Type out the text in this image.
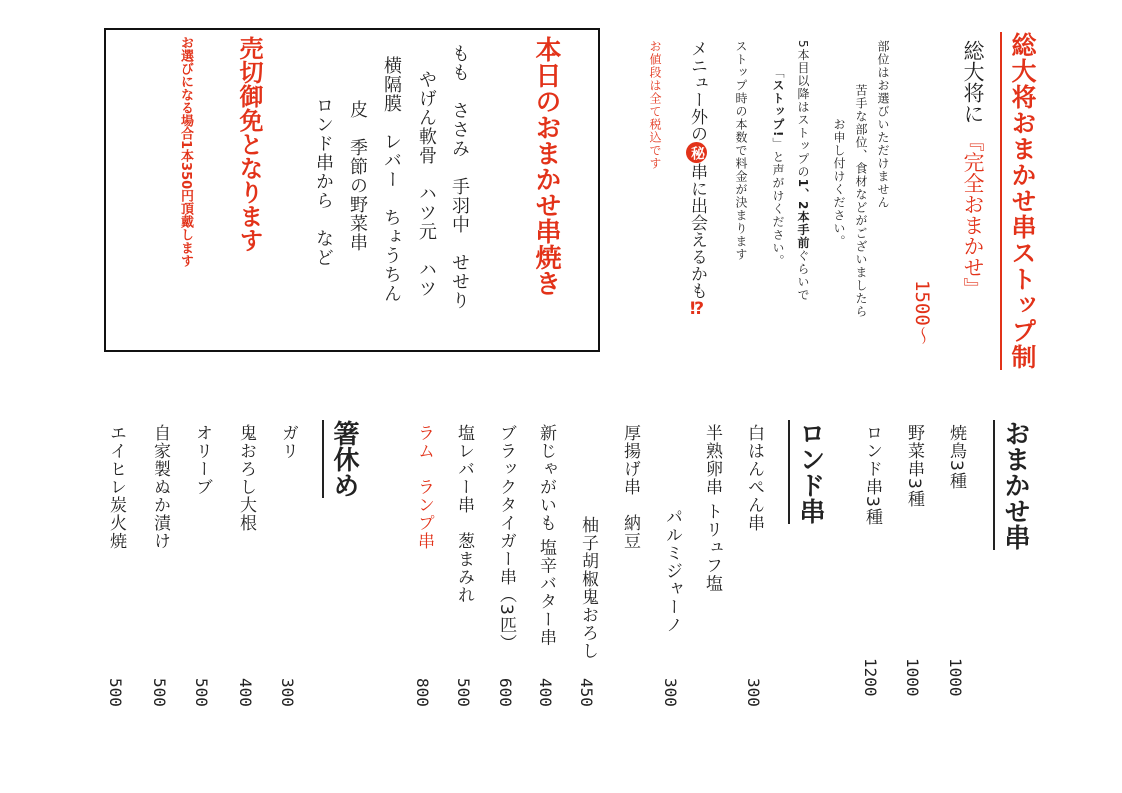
総大将おまかせ串ストップ制
総大将に 『完全おまかせ』
1500〜
部位はお選びいただけません
苦手な部位、食材などがございましたら
お申し付けください。
5本目以降はストップの1、2本手前ぐらいで
「ストップ!」と声がけください。
ストップ時の本数で料金が決まります
メニュー外の秘串に出会えるかも⁉
お値段は全て税込です
本日のおまかせ串焼き
もも　ささみ　手羽中　せせり
やげん軟骨　ハツ元　ハツ
横隔膜　レバー　ちょうちん
皮　季節の野菜串
ロンド串から　など
売切御免となります
お選びになる場合1本350円頂戴します
おまかせ串
焼鳥3種
野菜串3種
ロンド串3種
1000
1000
1200
ロンド串
白はんぺん串
300
半熟卵串 トリュフ塩
パルミジャーノ
300
厚揚げ串　納豆
柚子胡椒鬼おろし
450
新じゃがいも 塩辛バター串
400
ブラックタイガー串（3匹）
600
塩レバー串　葱まみれ
500
ラム　ランプ串
800
箸休め
ガリ
300
鬼おろし大根
400
オリーブ
500
自家製ぬか漬け
500
エイヒレ炭火焼
500
